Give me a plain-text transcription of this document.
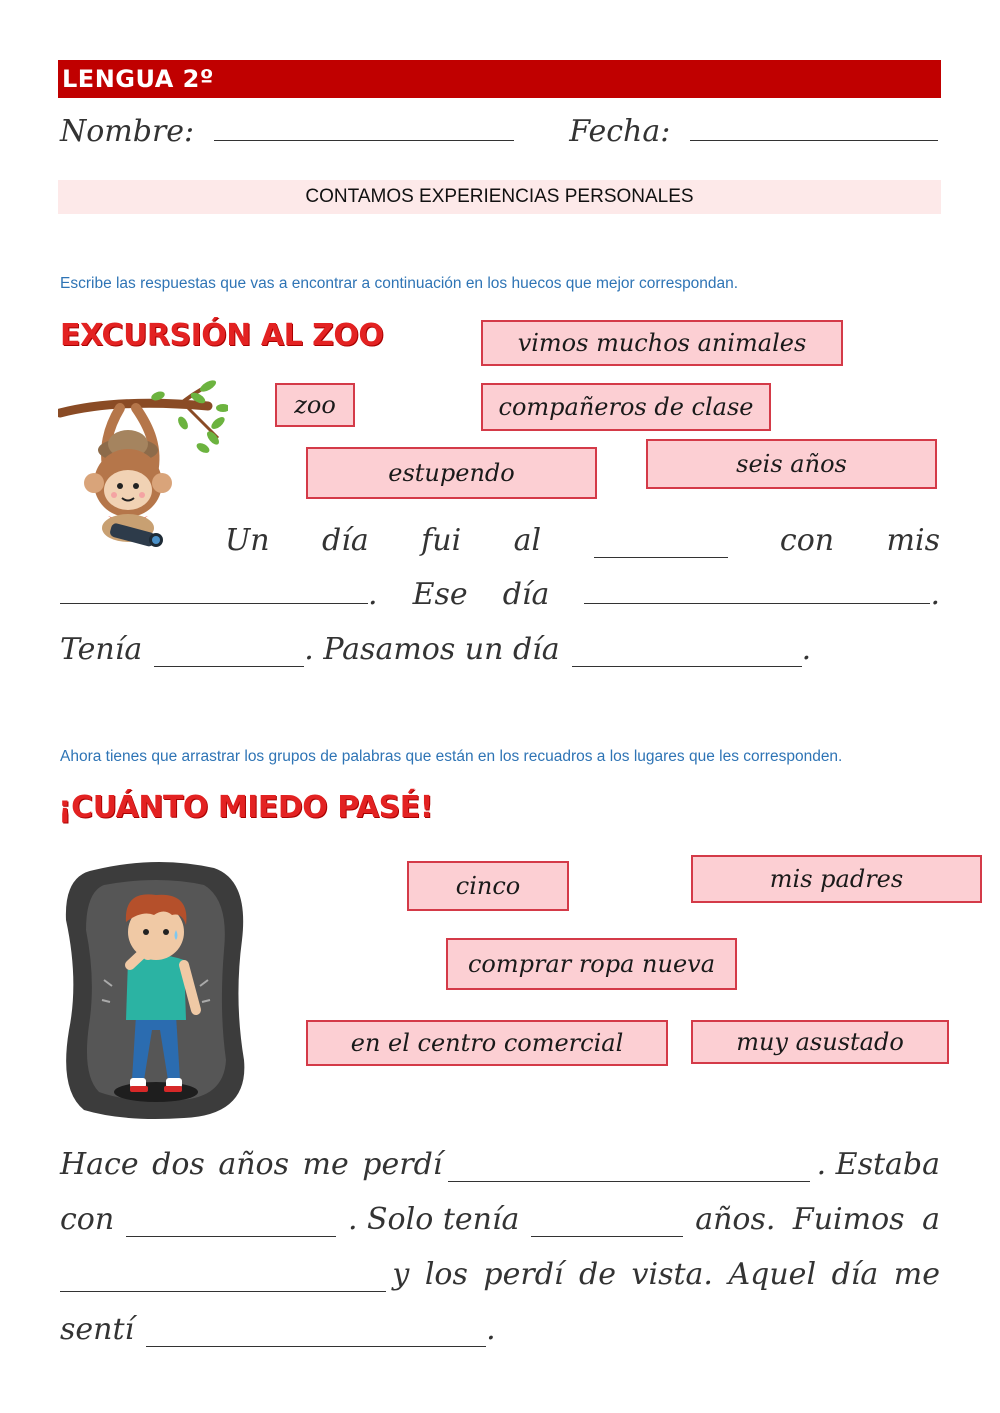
LENGUA 2º
Nombre:	Fecha:
CONTAMOS EXPERIENCIAS PERSONALES
Escribe las respuestas que vas a encontrar a continuación en los huecos que mejor correspondan.
EXCURSIÓN AL ZOO	vimos muchos animales
zoo	compañeros de clase
estupendo	seis años
Un día fui al	con mis
. Ese día	.
Tenía	. Pasamos un día	.
Ahora tienes que arrastrar los grupos de palabras que están en los recuadros a los lugares que les corresponden.
¡CUÁNTO MIEDO PASÉ!
cinco	mis padres
comprar ropa nueva
en el centro comercial	muy asustado
Hace dos años me perdí	. Estaba
con	. Solo tenía	años. Fuimos a
y los perdí de vista. Aquel día me
sentí	.
